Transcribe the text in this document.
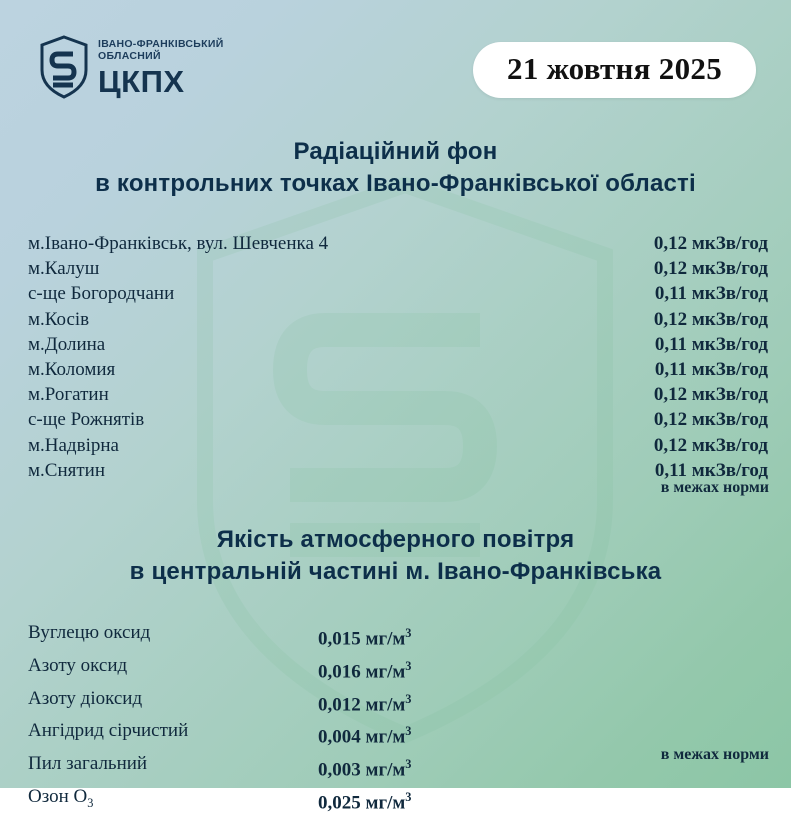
ІВАНО-ФРАНКІВСЬКИЙ
ОБЛАСНИЙ
ЦКПХ	21 жовтня 2025
Радіаційний фон
в контрольних точках Івано-Франківської області
м.Івано-Франківськ, вул. Шевченка 4	0,12 мкЗв/год
м.Калуш	0,12 мкЗв/год
с-ще Богородчани	0,11 мкЗв/год
м.Косів	0,12 мкЗв/год
м.Долина	0,11 мкЗв/год
м.Коломия	0,11 мкЗв/год
м.Рогатин	0,12 мкЗв/год
с-ще Рожнятів	0,12 мкЗв/год
м.Надвірна	0,12 мкЗв/год
м.Снятин	0,11 мкЗв/год
в межах норми
Якість атмосферного повітря
в центральній частині м. Івано-Франківська
Вуглецю оксид	0,015 $мг/м^3$
Азоту оксид	0,016 $мг/м^3$
Азоту діоксид	0,012 $мг/м^3$
Ангідрид сірчистий	0,004 $мг/м^3$
Пил загальний	0,003 $мг/м^3$
Озон $О_3$	0,025 $мг/м^3$
в межах норми
